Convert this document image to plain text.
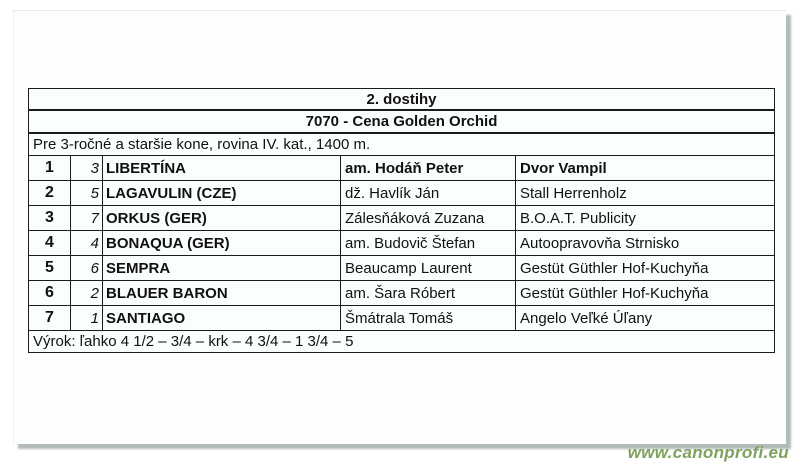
2. dostihy				
7070 - Cena Golden Orchid				
Pre 3-ročné a staršie kone, rovina IV. kat., 1400 m.				
1	3	LIBERTÍNA	am. Hodáň Peter	Dvor Vampil
2	5	LAGAVULIN (CZE)	dž. Havlík Ján	Stall Herrenholz
3	7	ORKUS (GER)	Zálesňáková Zuzana	B.O.A.T. Publicity
4	4	BONAQUA (GER)	am. Budovič Štefan	Autoopravovňa Strnisko
5	6	SEMPRA	Beaucamp Laurent	Gestüt Güthler Hof-Kuchyňa
6	2	BLAUER BARON	am. Šara Róbert	Gestüt Güthler Hof-Kuchyňa
7	1	SANTIAGO	Šmátrala Tomáš	Angelo Veľké Úľany
Výrok: ľahko 4 1/2 – 3/4 – krk – 4 3/4 – 1 3/4 – 5				
www.canonprofi.eu
